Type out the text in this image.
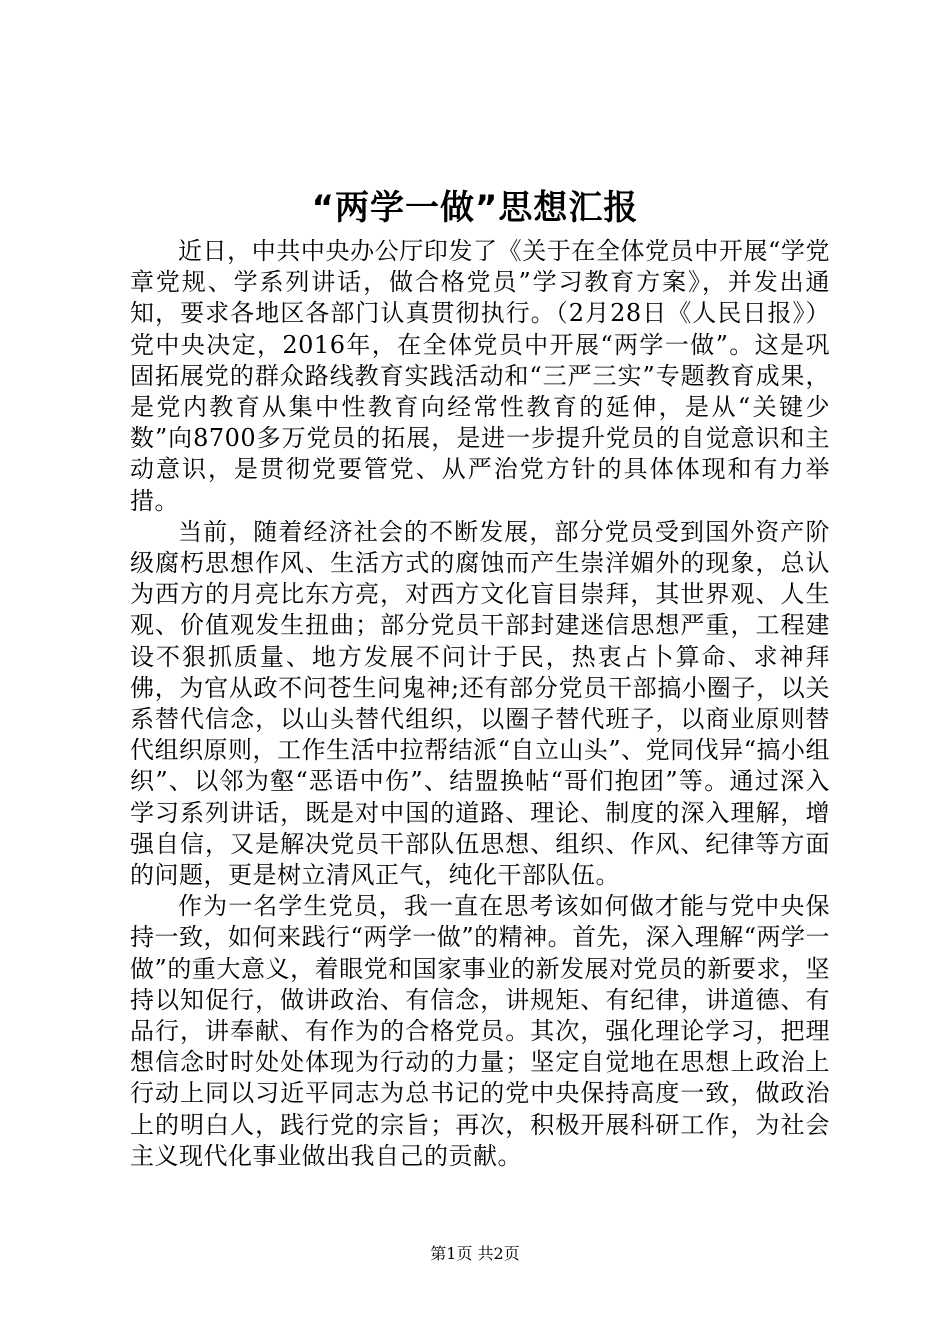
“两学一做”思想汇报

近日，中共中央办公厅印发了《关于在全体党员中开展“学党章党规、学系列讲话，做合格党员”学习教育方案》，并发出通知，要求各地区各部门认真贯彻执行。（2月28日《人民日报》）党中央决定，2016年，在全体党员中开展“两学一做”。这是巩固拓展党的群众路线教育实践活动和“三严三实”专题教育成果，是党内教育从集中性教育向经常性教育的延伸，是从“关键少数”向8700多万党员的拓展，是进一步提升党员的自觉意识和主动意识，是贯彻党要管党、从严治党方针的具体体现和有力举措。

当前，随着经济社会的不断发展，部分党员受到国外资产阶级腐朽思想作风、生活方式的腐蚀而产生崇洋媚外的现象，总认为西方的月亮比东方亮，对西方文化盲目崇拜，其世界观、人生观、价值观发生扭曲；部分党员干部封建迷信思想严重，工程建设不狠抓质量、地方发展不问计于民，热衷占卜算命、求神拜佛，为官从政不问苍生问鬼神;还有部分党员干部搞小圈子，以关系替代信念，以山头替代组织，以圈子替代班子，以商业原则替代组织原则，工作生活中拉帮结派“自立山头”、党同伐异“搞小组织”、以邻为壑“恶语中伤”、结盟换帖“哥们抱团”等。通过深入学习系列讲话，既是对中国的道路、理论、制度的深入理解，增强自信，又是解决党员干部队伍思想、组织、作风、纪律等方面的问题，更是树立清风正气，纯化干部队伍。

作为一名学生党员，我一直在思考该如何做才能与党中央保持一致，如何来践行“两学一做”的精神。首先，深入理解“两学一做”的重大意义，着眼党和国家事业的新发展对党员的新要求，坚持以知促行，做讲政治、有信念，讲规矩、有纪律，讲道德、有品行，讲奉献、有作为的合格党员。其次，强化理论学习，把理想信念时时处处体现为行动的力量；坚定自觉地在思想上政治上行动上同以习近平同志为总书记的党中央保持高度一致，做政治上的明白人，践行党的宗旨；再次，积极开展科研工作，为社会主义现代化事业做出我自己的贡献。

第1页 共2页
